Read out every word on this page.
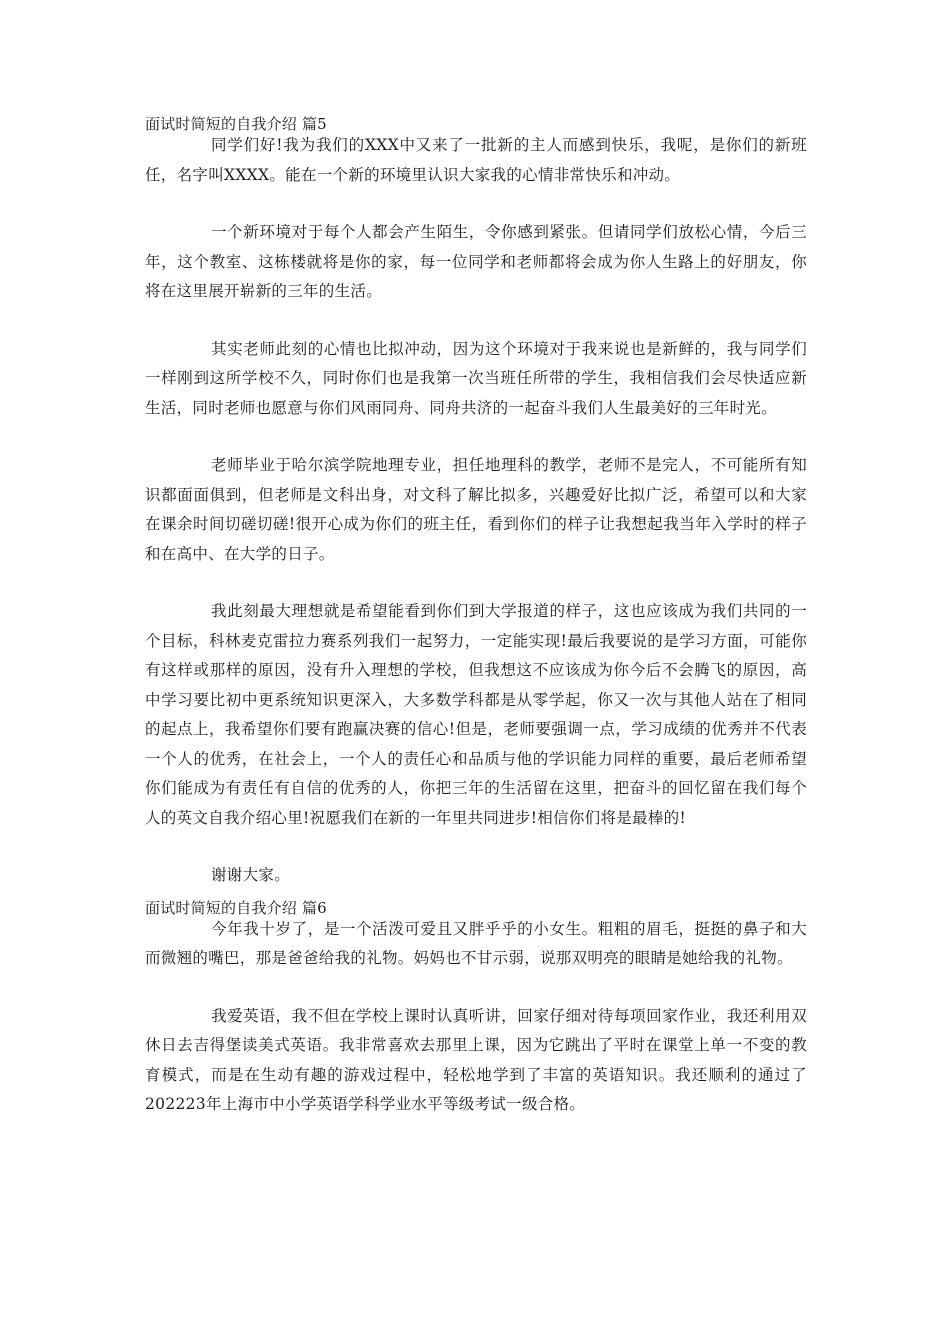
面试时简短的自我介绍 篇5

同学们好!我为我们的XXX中又来了一批新的主人而感到快乐，我呢，是你们的新班任，名字叫XXXX。能在一个新的环境里认识大家我的心情非常快乐和冲动。

一个新环境对于每个人都会产生陌生，令你感到紧张。但请同学们放松心情，今后三年，这个教室、这栋楼就将是你的家，每一位同学和老师都将会成为你人生路上的好朋友，你将在这里展开崭新的三年的生活。

其实老师此刻的心情也比拟冲动，因为这个环境对于我来说也是新鲜的，我与同学们一样刚到这所学校不久，同时你们也是我第一次当班任所带的学生，我相信我们会尽快适应新生活，同时老师也愿意与你们风雨同舟、同舟共济的一起奋斗我们人生最美好的三年时光。

老师毕业于哈尔滨学院地理专业，担任地理科的教学，老师不是完人，不可能所有知识都面面俱到，但老师是文科出身，对文科了解比拟多，兴趣爱好比拟广泛，希望可以和大家在课余时间切磋切磋!很开心成为你们的班主任，看到你们的样子让我想起我当年入学时的样子和在高中、在大学的日子。

我此刻最大理想就是希望能看到你们到大学报道的样子，这也应该成为我们共同的一个目标，科林麦克雷拉力赛系列我们一起努力，一定能实现!最后我要说的是学习方面，可能你有这样或那样的原因，没有升入理想的学校，但我想这不应该成为你今后不会腾飞的原因，高中学习要比初中更系统知识更深入，大多数学科都是从零学起，你又一次与其他人站在了相同的起点上，我希望你们要有跑赢决赛的信心!但是，老师要强调一点，学习成绩的优秀并不代表一个人的优秀，在社会上，一个人的责任心和品质与他的学识能力同样的重要，最后老师希望你们能成为有责任有自信的优秀的人，你把三年的生活留在这里，把奋斗的回忆留在我们每个人的英文自我介绍心里!祝愿我们在新的一年里共同进步!相信你们将是最棒的!

谢谢大家。

面试时简短的自我介绍 篇6

今年我十岁了，是一个活泼可爱且又胖乎乎的小女生。粗粗的眉毛，挺挺的鼻子和大而微翘的嘴巴，那是爸爸给我的礼物。妈妈也不甘示弱，说那双明亮的眼睛是她给我的礼物。

我爱英语，我不但在学校上课时认真听讲，回家仔细对待每项回家作业，我还利用双休日去吉得堡读美式英语。我非常喜欢去那里上课，因为它跳出了平时在课堂上单一不变的教育模式，而是在生动有趣的游戏过程中，轻松地学到了丰富的英语知识。我还顺利的通过了202223年上海市中小学英语学科学业水平等级考试一级合格。
